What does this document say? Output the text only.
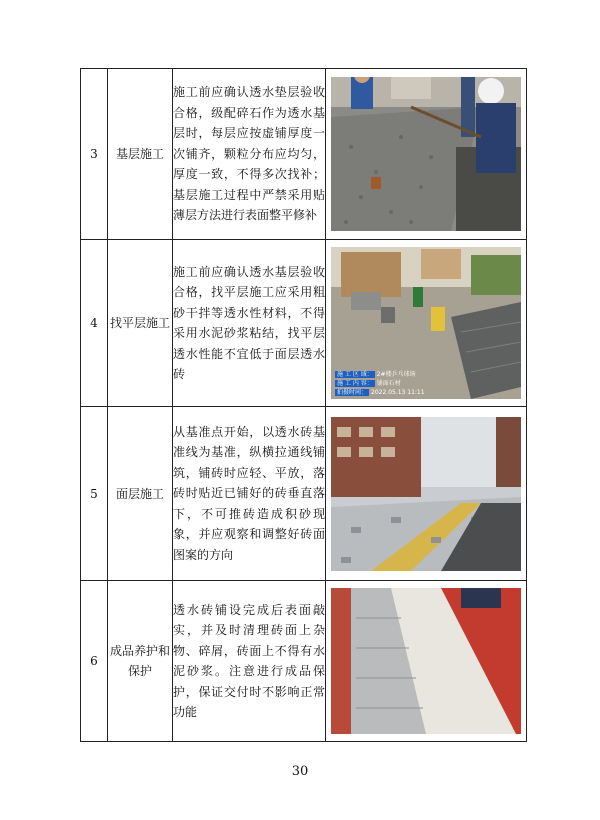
3	基层施工	施工前应确认透水垫层验收合格，级配碎石作为透水基层时，每层应按虚铺厚度一次铺齐，颗粒分布应均匀，厚度一致，不得多次找补；基层施工过程中严禁采用贴薄层方法进行表面整平修补	

4	找平层施工	施工前应确认透水基层验收合格，找平层施工应采用粗砂干拌等透水性材料，不得采用水泥砂浆粘结，找平层透水性能不宜低于面层透水砖	施 工 区 域： 2#楼乒乓球场
施 工 内 容： 铺面石材
拍摄时间： 2022.05.13 11:11

5	面层施工	从基准点开始，以透水砖基准线为基准，纵横拉通线铺筑，铺砖时应轻、平放，落砖时贴近已铺好的砖垂直落下，不可推砖造成积砂现象，并应观察和调整好砖面图案的方向	

6	成品养护和保护	透水砖铺设完成后表面敲实，并及时清理砖面上杂物、碎屑，砖面上不得有水泥砂浆。注意进行成品保护，保证交付时不影响正常功能	
30
